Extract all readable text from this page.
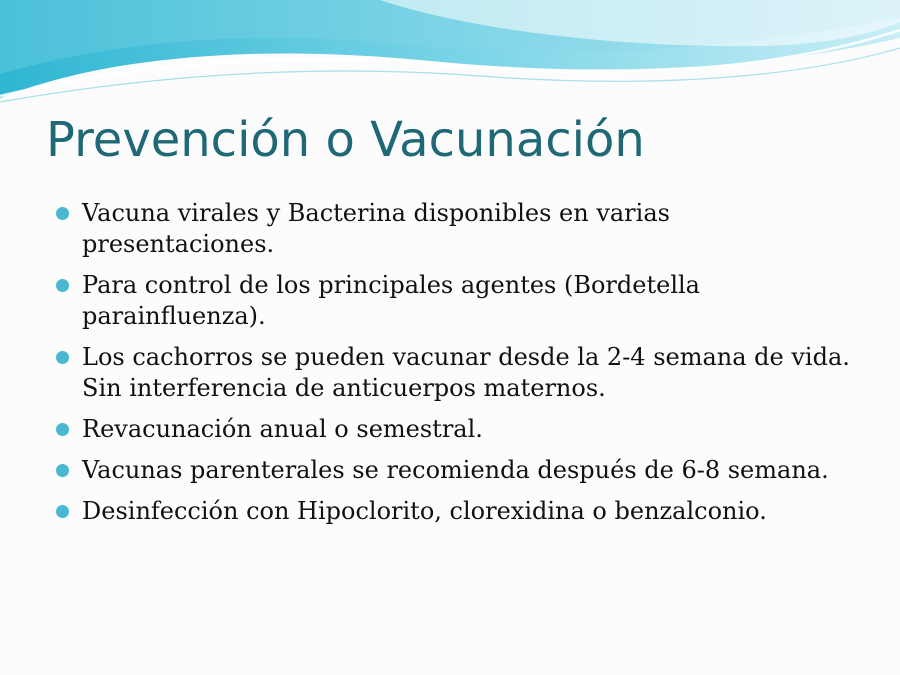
Prevención o Vacunación
Vacuna virales y Bacterina disponibles en varias presentaciones.
Para control de los principales agentes (Bordetella parainfluenza).
Los cachorros se pueden vacunar desde la 2-4 semana de vida. Sin interferencia de anticuerpos maternos.
Revacunación anual o semestral.
Vacunas parenterales se recomienda después de 6-8 semana.
Desinfección con Hipoclorito, clorexidina o benzalconio.
